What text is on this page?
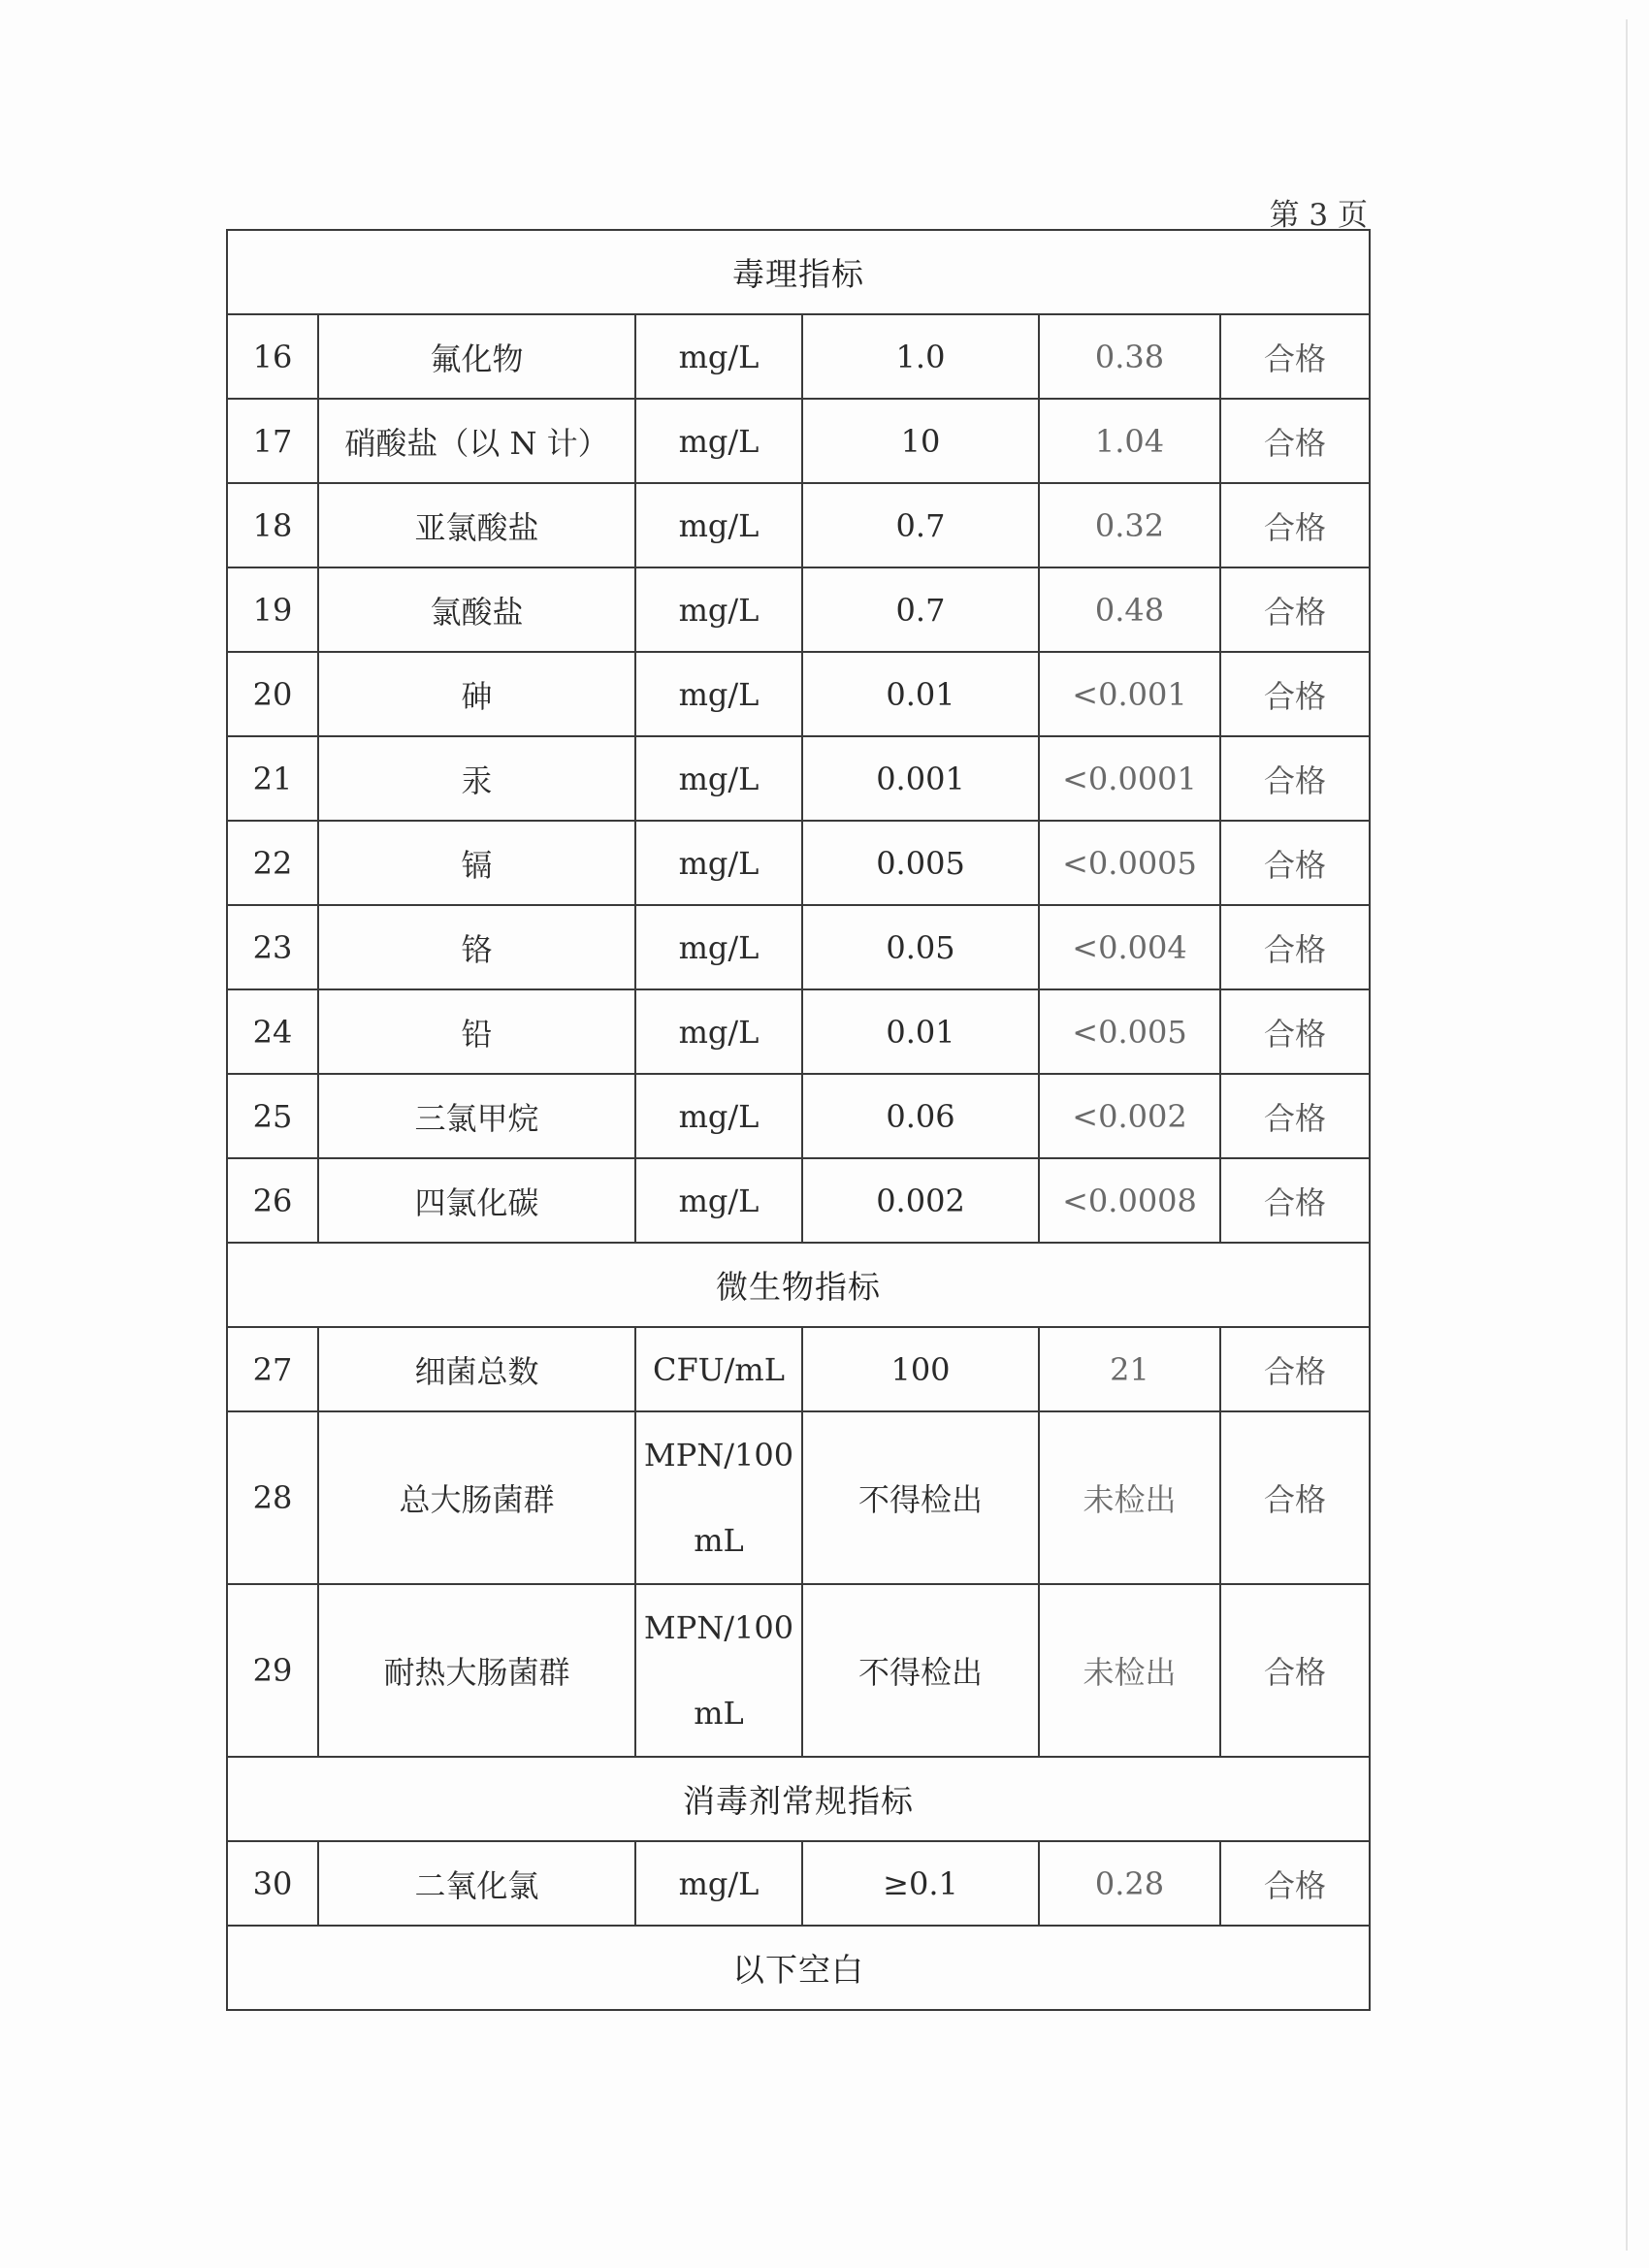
第 3 页
毒理指标					
16	氟化物	mg/L	1.0	0.38	合格
17	硝酸盐（以 N 计）	mg/L	10	1.04	合格
18	亚氯酸盐	mg/L	0.7	0.32	合格
19	氯酸盐	mg/L	0.7	0.48	合格
20	砷	mg/L	0.01	<0.001	合格
21	汞	mg/L	0.001	<0.0001	合格
22	镉	mg/L	0.005	<0.0005	合格
23	铬	mg/L	0.05	<0.004	合格
24	铅	mg/L	0.01	<0.005	合格
25	三氯甲烷	mg/L	0.06	<0.002	合格
26	四氯化碳	mg/L	0.002	<0.0008	合格
微生物指标					
27	细菌总数	CFU/mL	100	21	合格
28	总大肠菌群	MPN/100
mL	不得检出	未检出	合格
29	耐热大肠菌群	MPN/100
mL	不得检出	未检出	合格
消毒剂常规指标					
30	二氧化氯	mg/L	≥0.1	0.28	合格
以下空白					
